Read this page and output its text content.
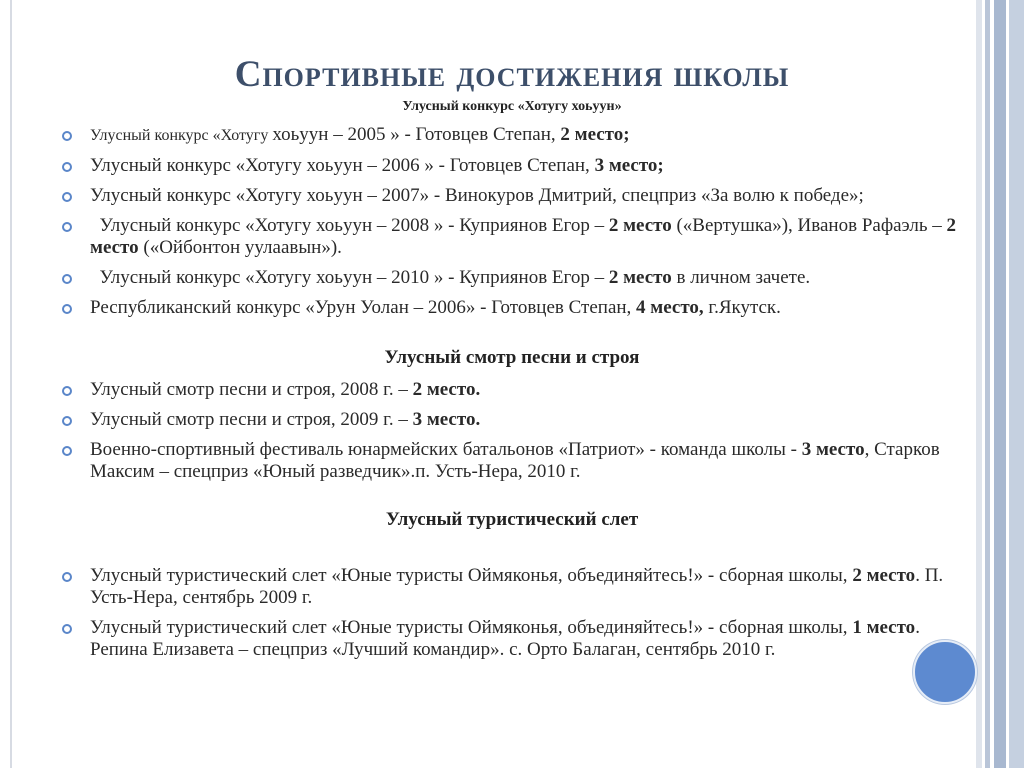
Спортивные достижения школы

Улусный конкурс «Хотугу хоьуун»

Улусный конкурс «Хотугу хоьуун – 2005 » - Готовцев Степан, 2 место;
Улусный конкурс «Хотугу хоьуун – 2006 » - Готовцев Степан, 3 место;
Улусный конкурс «Хотугу хоьуун – 2007» - Винокуров Дмитрий, спецприз «За волю к победе»;
Улусный конкурс «Хотугу хоьуун – 2008 » - Куприянов Егор – 2 место («Вертушка»), Иванов Рафаэль – 2 место («Ойбонтон уулаавын»).
Улусный конкурс «Хотугу хоьуун – 2010 » - Куприянов Егор – 2 место в личном зачете.
Республиканский конкурс «Урун Уолан – 2006» - Готовцев Степан, 4 место, г.Якутск.
Улусный смотр песни и строя
Улусный смотр песни и строя, 2008 г. – 2 место.
Улусный смотр песни и строя, 2009 г. – 3 место.
Военно-спортивный фестиваль юнармейских батальонов «Патриот» - команда школы - 3 место, Старков Максим – спецприз «Юный разведчик».п. Усть-Нера, 2010 г.
Улусный туристический слет
Улусный туристический слет «Юные туристы Оймяконья, объединяйтесь!» - сборная школы, 2 место. П. Усть-Нера, сентябрь 2009 г.
Улусный туристический слет «Юные туристы Оймяконья, объединяйтесь!» - сборная школы, 1 место. Репина Елизавета – спецприз «Лучший командир». с. Орто Балаган, сентябрь 2010 г.
